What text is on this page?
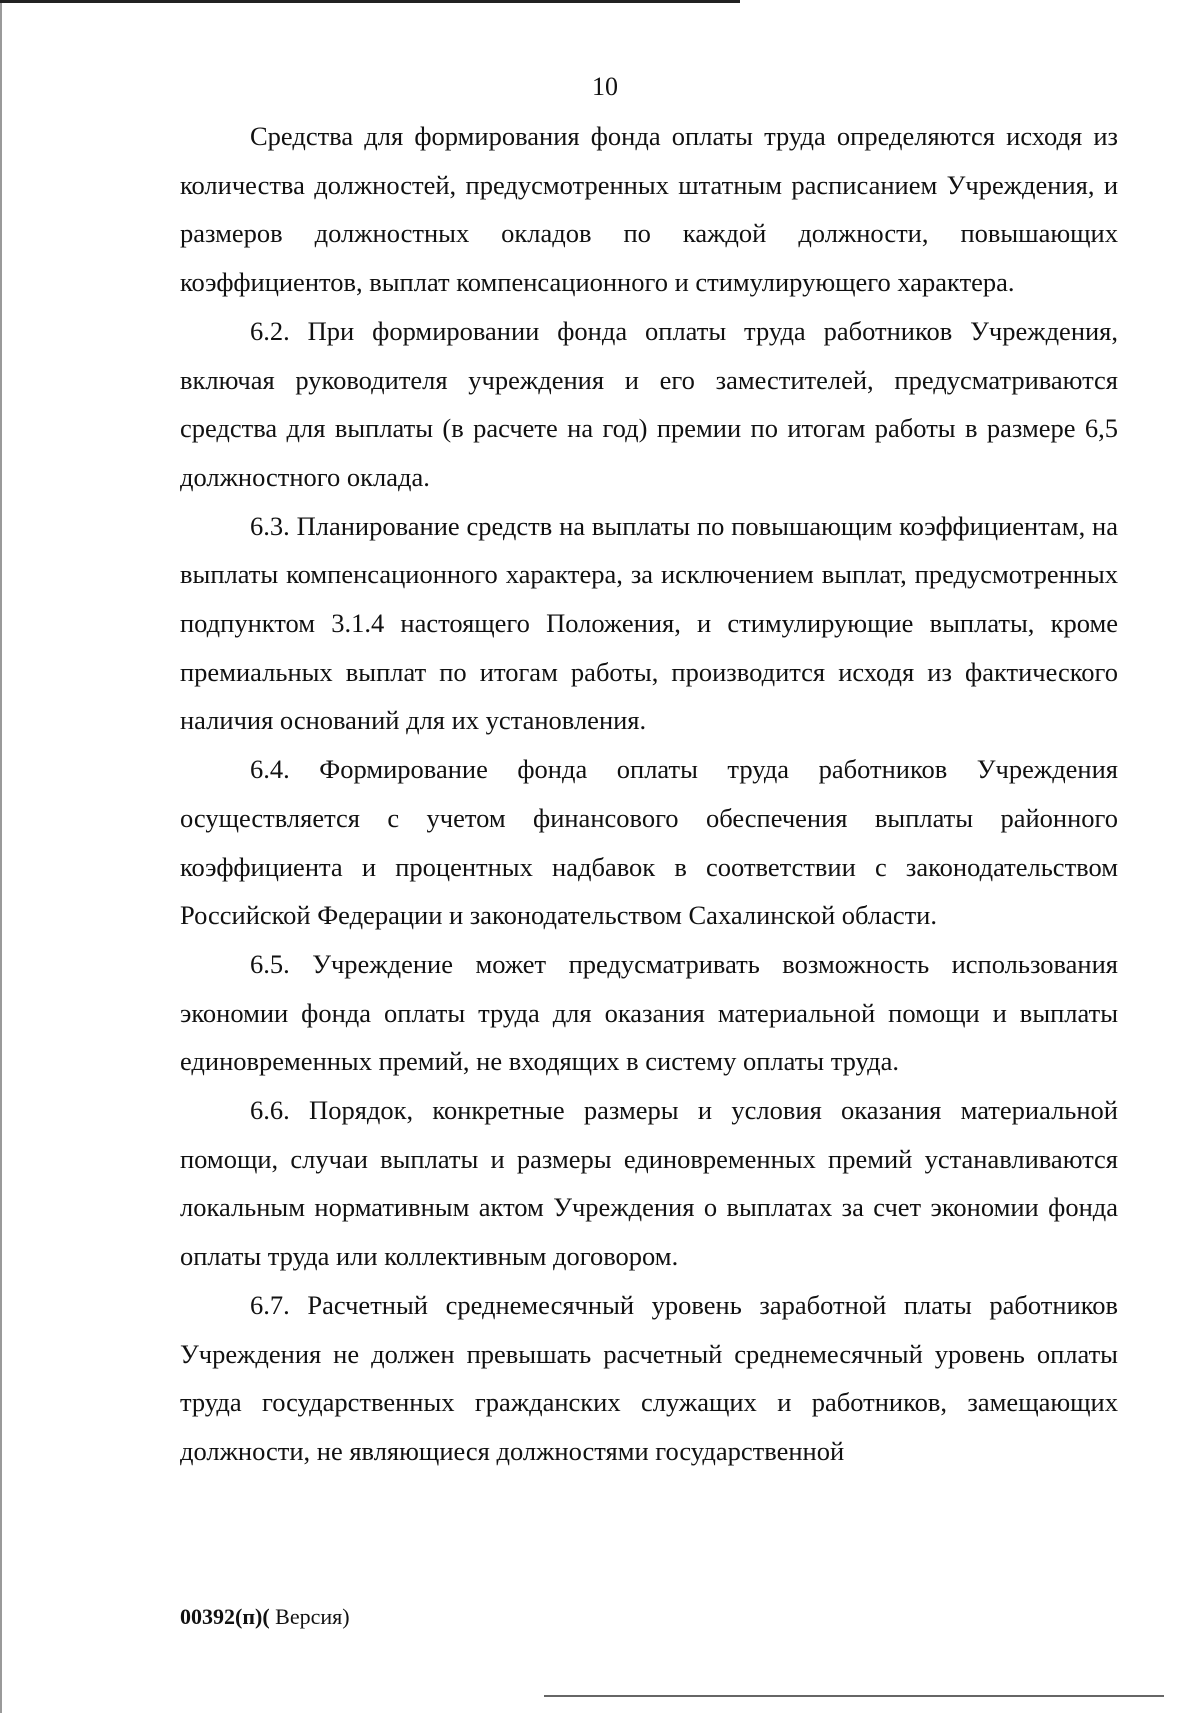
10

Средства для формирования фонда оплаты труда определяются исходя из количества должностей, предусмотренных штатным расписанием Учреждения, и размеров должностных окладов по каждой должности, повышающих коэффициентов, выплат компенсационного и стимулирующего характера.

6.2. При формировании фонда оплаты труда работников Учреждения, включая руководителя учреждения и его заместителей, предусматриваются средства для выплаты (в расчете на год) премии по итогам работы в размере 6,5 должностного оклада.

6.3. Планирование средств на выплаты по повышающим коэффициентам, на выплаты компенсационного характера, за исключением выплат, предусмотренных подпунктом 3.1.4 настоящего Положения, и стимулирующие выплаты, кроме премиальных выплат по итогам работы, производится исходя из фактического наличия оснований для их установления.

6.4. Формирование фонда оплаты труда работников Учреждения осуществляется с учетом финансового обеспечения выплаты районного коэффициента и процентных надбавок в соответствии с законодательством Российской Федерации и законодательством Сахалинской области.

6.5. Учреждение может предусматривать возможность использования экономии фонда оплаты труда для оказания материальной помощи и выплаты единовременных премий, не входящих в систему оплаты труда.

6.6. Порядок, конкретные размеры и условия оказания материальной помощи, случаи выплаты и размеры единовременных премий устанавливаются локальным нормативным актом Учреждения о выплатах за счет экономии фонда оплаты труда или коллективным договором.

6.7. Расчетный среднемесячный уровень заработной платы работников Учреждения не должен превышать расчетный среднемесячный уровень оплаты труда государственных гражданских служащих и работников, замещающих должности, не являющиеся должностями государственной

00392(п)( Версия)
